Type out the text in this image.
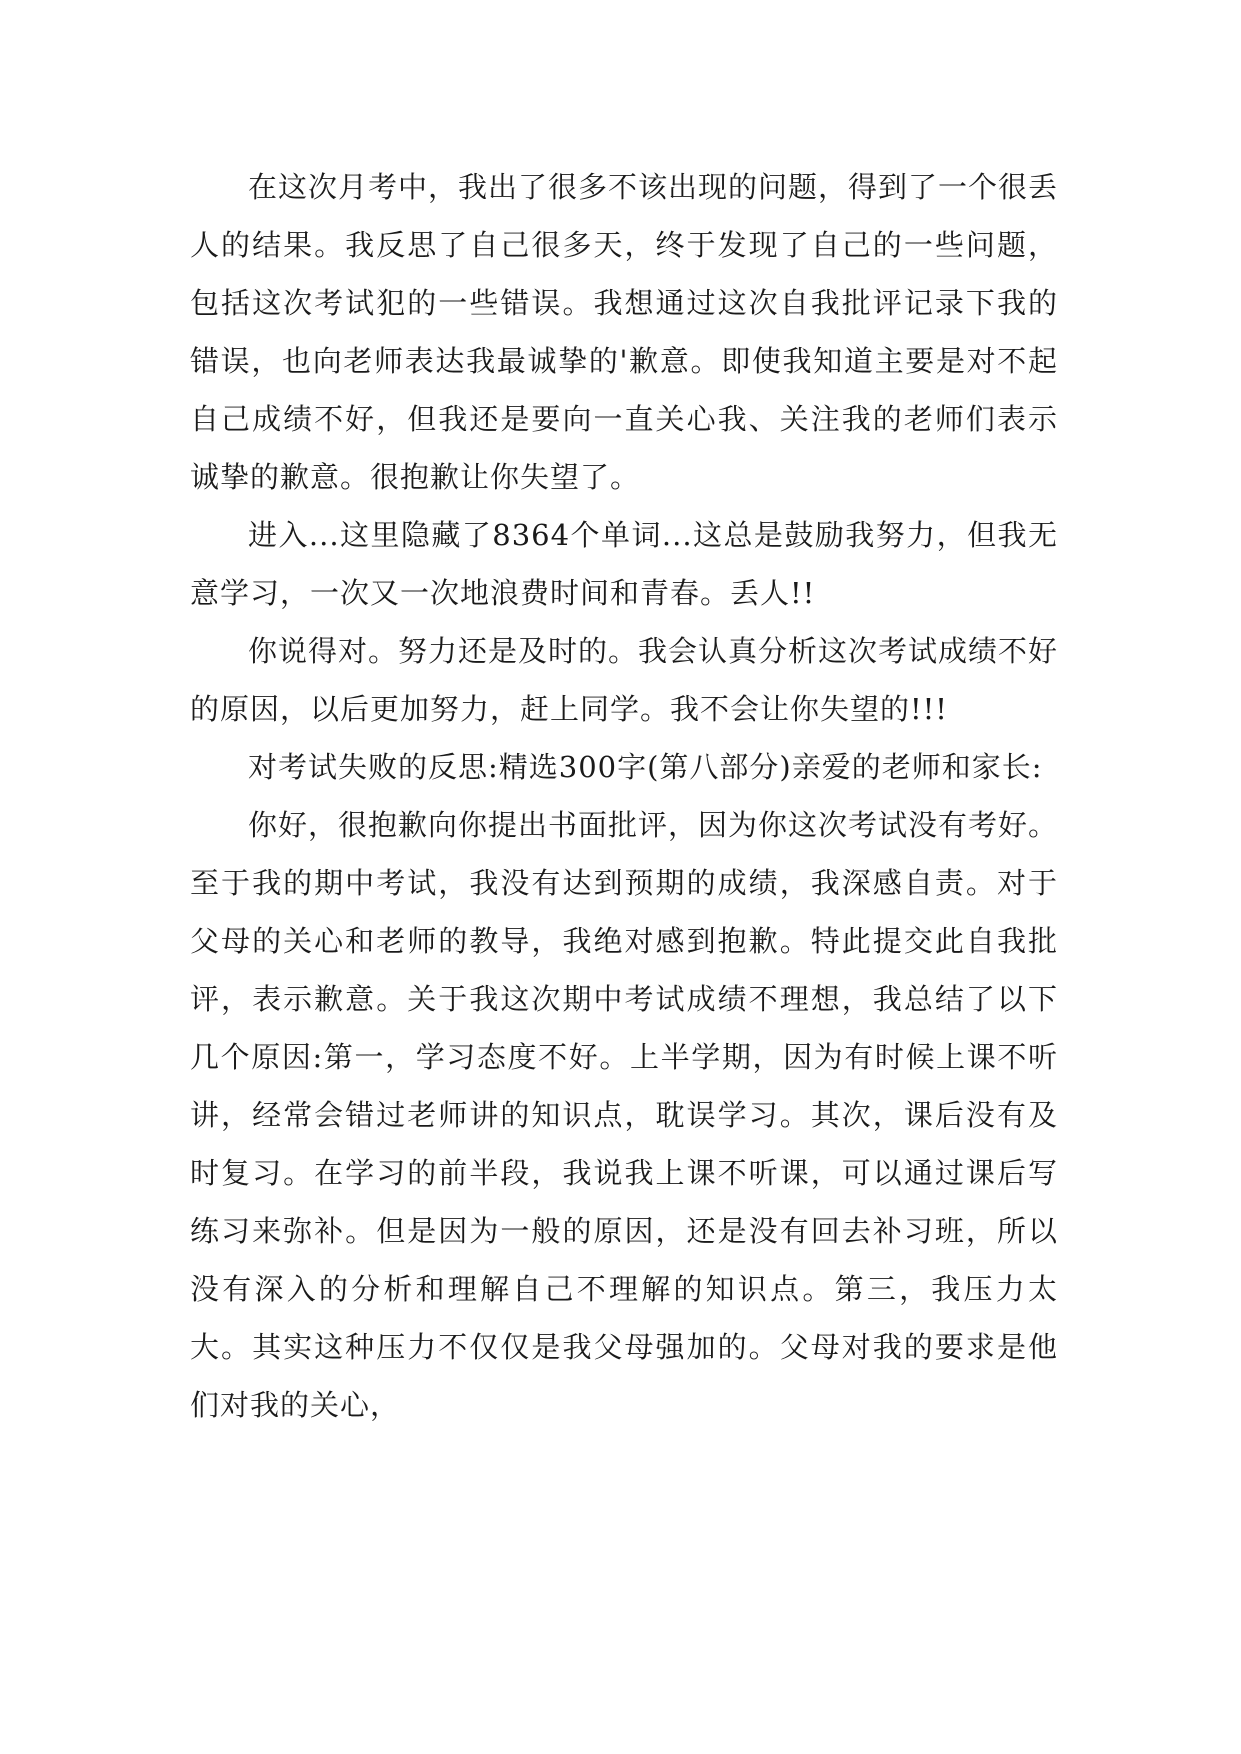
在这次月考中，我出了很多不该出现的问题，得到了一个很丢人的结果。我反思了自己很多天，终于发现了自己的一些问题，包括这次考试犯的一些错误。我想通过这次自我批评记录下我的错误，也向老师表达我最诚挚的'歉意。即使我知道主要是对不起自己成绩不好，但我还是要向一直关心我、关注我的老师们表示诚挚的歉意。很抱歉让你失望了。

进入...这里隐藏了8364个单词...这总是鼓励我努力，但我无意学习，一次又一次地浪费时间和青春。丢人!!

你说得对。努力还是及时的。我会认真分析这次考试成绩不好的原因，以后更加努力，赶上同学。我不会让你失望的!!!

对考试失败的反思:精选300字(第八部分)亲爱的老师和家长:

你好，很抱歉向你提出书面批评，因为你这次考试没有考好。至于我的期中考试，我没有达到预期的成绩，我深感自责。对于父母的关心和老师的教导，我绝对感到抱歉。特此提交此自我批评，表示歉意。关于我这次期中考试成绩不理想，我总结了以下几个原因:第一，学习态度不好。上半学期，因为有时候上课不听讲，经常会错过老师讲的知识点，耽误学习。其次，课后没有及时复习。在学习的前半段，我说我上课不听课，可以通过课后写练习来弥补。但是因为一般的原因，还是没有回去补习班，所以没有深入的分析和理解自己不理解的知识点。第三，我压力太大。其实这种压力不仅仅是我父母强加的。父母对我的要求是他们对我的关心，
